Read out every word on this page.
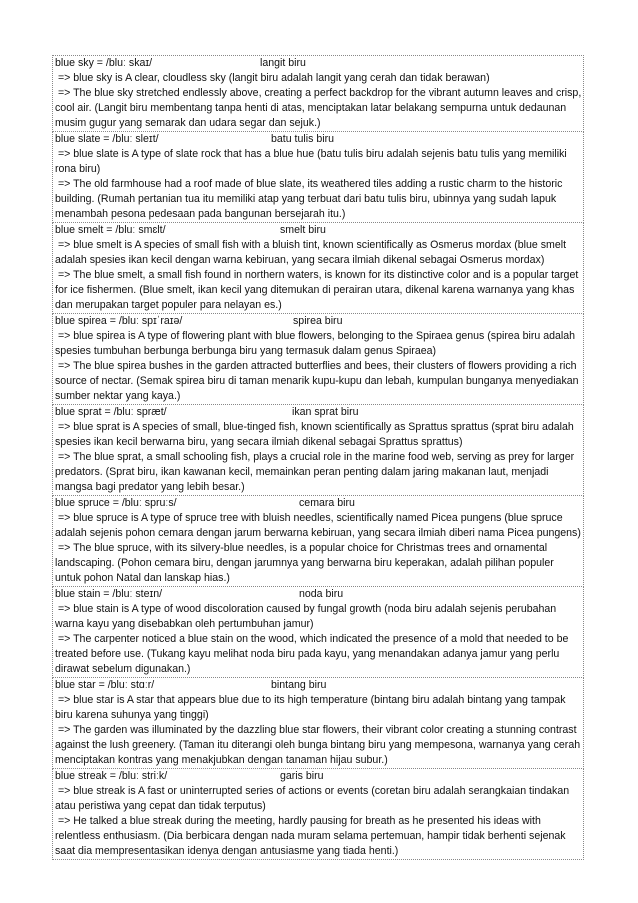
blue sky = /bluː skaɪ/	langit biru
=> blue sky is A clear, cloudless sky (langit biru adalah langit yang cerah dan tidak berawan)
=> The blue sky stretched endlessly above, creating a perfect backdrop for the vibrant autumn leaves and crisp, cool air. (Langit biru membentang tanpa henti di atas, menciptakan latar belakang sempurna untuk dedaunan musim gugur yang semarak dan udara segar dan sejuk.)
blue slate = /bluː sleɪt/	batu tulis biru
=> blue slate is A type of slate rock that has a blue hue (batu tulis biru adalah sejenis batu tulis yang memiliki rona biru)
=> The old farmhouse had a roof made of blue slate, its weathered tiles adding a rustic charm to the historic building. (Rumah pertanian tua itu memiliki atap yang terbuat dari batu tulis biru, ubinnya yang sudah lapuk menambah pesona pedesaan pada bangunan bersejarah itu.)
blue smelt = /bluː smɛlt/	smelt biru
=> blue smelt is A species of small fish with a bluish tint, known scientifically as Osmerus mordax (blue smelt adalah spesies ikan kecil dengan warna kebiruan, yang secara ilmiah dikenal sebagai Osmerus mordax)
=> The blue smelt, a small fish found in northern waters, is known for its distinctive color and is a popular target for ice fishermen. (Blue smelt, ikan kecil yang ditemukan di perairan utara, dikenal karena warnanya yang khas dan merupakan target populer para nelayan es.)
blue spirea = /bluː spɪˈraɪə/	spirea biru
=> blue spirea is A type of flowering plant with blue flowers, belonging to the Spiraea genus (spirea biru adalah spesies tumbuhan berbunga berbunga biru yang termasuk dalam genus Spiraea)
=> The blue spirea bushes in the garden attracted butterflies and bees, their clusters of flowers providing a rich source of nectar. (Semak spirea biru di taman menarik kupu-kupu dan lebah, kumpulan bunganya menyediakan sumber nektar yang kaya.)
blue sprat = /bluː spræt/	ikan sprat biru
=> blue sprat is A species of small, blue-tinged fish, known scientifically as Sprattus sprattus (sprat biru adalah spesies ikan kecil berwarna biru, yang secara ilmiah dikenal sebagai Sprattus sprattus)
=> The blue sprat, a small schooling fish, plays a crucial role in the marine food web, serving as prey for larger predators. (Sprat biru, ikan kawanan kecil, memainkan peran penting dalam jaring makanan laut, menjadi mangsa bagi predator yang lebih besar.)
blue spruce = /bluː spruːs/	cemara biru
=> blue spruce is A type of spruce tree with bluish needles, scientifically named Picea pungens (blue spruce adalah sejenis pohon cemara dengan jarum berwarna kebiruan, yang secara ilmiah diberi nama Picea pungens)
=> The blue spruce, with its silvery-blue needles, is a popular choice for Christmas trees and ornamental landscaping. (Pohon cemara biru, dengan jarumnya yang berwarna biru keperakan, adalah pilihan populer untuk pohon Natal dan lanskap hias.)
blue stain = /bluː steɪn/	noda biru
=> blue stain is A type of wood discoloration caused by fungal growth (noda biru adalah sejenis perubahan warna kayu yang disebabkan oleh pertumbuhan jamur)
=> The carpenter noticed a blue stain on the wood, which indicated the presence of a mold that needed to be treated before use. (Tukang kayu melihat noda biru pada kayu, yang menandakan adanya jamur yang perlu dirawat sebelum digunakan.)
blue star = /bluː stɑːr/	bintang biru
=> blue star is A star that appears blue due to its high temperature (bintang biru adalah bintang yang tampak biru karena suhunya yang tinggi)
=> The garden was illuminated by the dazzling blue star flowers, their vibrant color creating a stunning contrast against the lush greenery. (Taman itu diterangi oleh bunga bintang biru yang mempesona, warnanya yang cerah menciptakan kontras yang menakjubkan dengan tanaman hijau subur.)
blue streak = /bluː striːk/	garis biru
=> blue streak is A fast or uninterrupted series of actions or events (coretan biru adalah serangkaian tindakan atau peristiwa yang cepat dan tidak terputus)
=> He talked a blue streak during the meeting, hardly pausing for breath as he presented his ideas with relentless enthusiasm. (Dia berbicara dengan nada muram selama pertemuan, hampir tidak berhenti sejenak saat dia mempresentasikan idenya dengan antusiasme yang tiada henti.)
